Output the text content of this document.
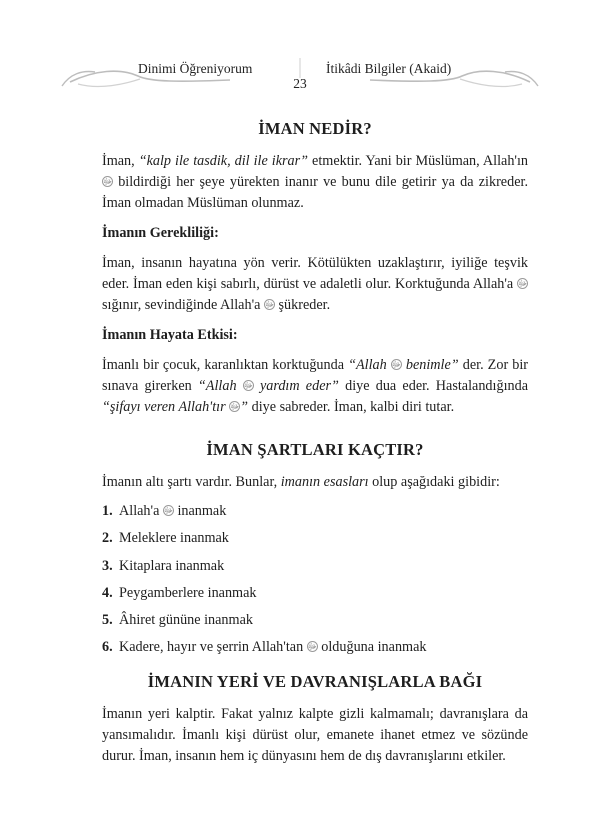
Dinimi Öğreniyorum	İtikâdi Bilgiler (Akaid)
23
İMAN NEDİR?

İman, “kalp ile tasdik, dil ile ikrar” etmektir. Yani bir Müslüman, Allah'ın ﷻ bildirdiği her şeye yürekten inanır ve bunu dile getirir ya da zikreder. İman olmadan Müslüman olunmaz.

İmanın Gerekliliği:

İman, insanın hayatına yön verir. Kötülükten uzaklaştırır, iyiliğe teşvik eder. İman eden kişi sabırlı, dürüst ve adaletli olur. Korktuğunda Allah'a ﷻ sığınır, sevindiğinde Allah'a ﷻ şükreder.

İmanın Hayata Etkisi:

İmanlı bir çocuk, karanlıktan korktuğunda “Allah ﷻ benimle” der. Zor bir sınava girerken “Allah ﷻ yardım eder” diye dua eder. Hastalandığında “şifayı veren Allah'tır ﷻ” diye sabreder. İman, kalbi diri tutar.

İMAN ŞARTLARI KAÇTIR?

İmanın altı şartı vardır. Bunlar, imanın esasları olup aşağıdaki gibidir:

1. Allah'a ﷻ inanmak
2. Meleklere inanmak
3. Kitaplara inanmak
4. Peygamberlere inanmak
5. Âhiret gününe inanmak
6. Kadere, hayır ve şerrin Allah'tan ﷻ olduğuna inanmak
İMANIN YERİ VE DAVRANIŞLARLA BAĞI

İmanın yeri kalptir. Fakat yalnız kalpte gizli kalmamalı; davranışlara da yansımalıdır. İmanlı kişi dürüst olur, emanete ihanet etmez ve sözünde durur. İman, insanın hem iç dünyasını hem de dış davranışlarını etkiler.
